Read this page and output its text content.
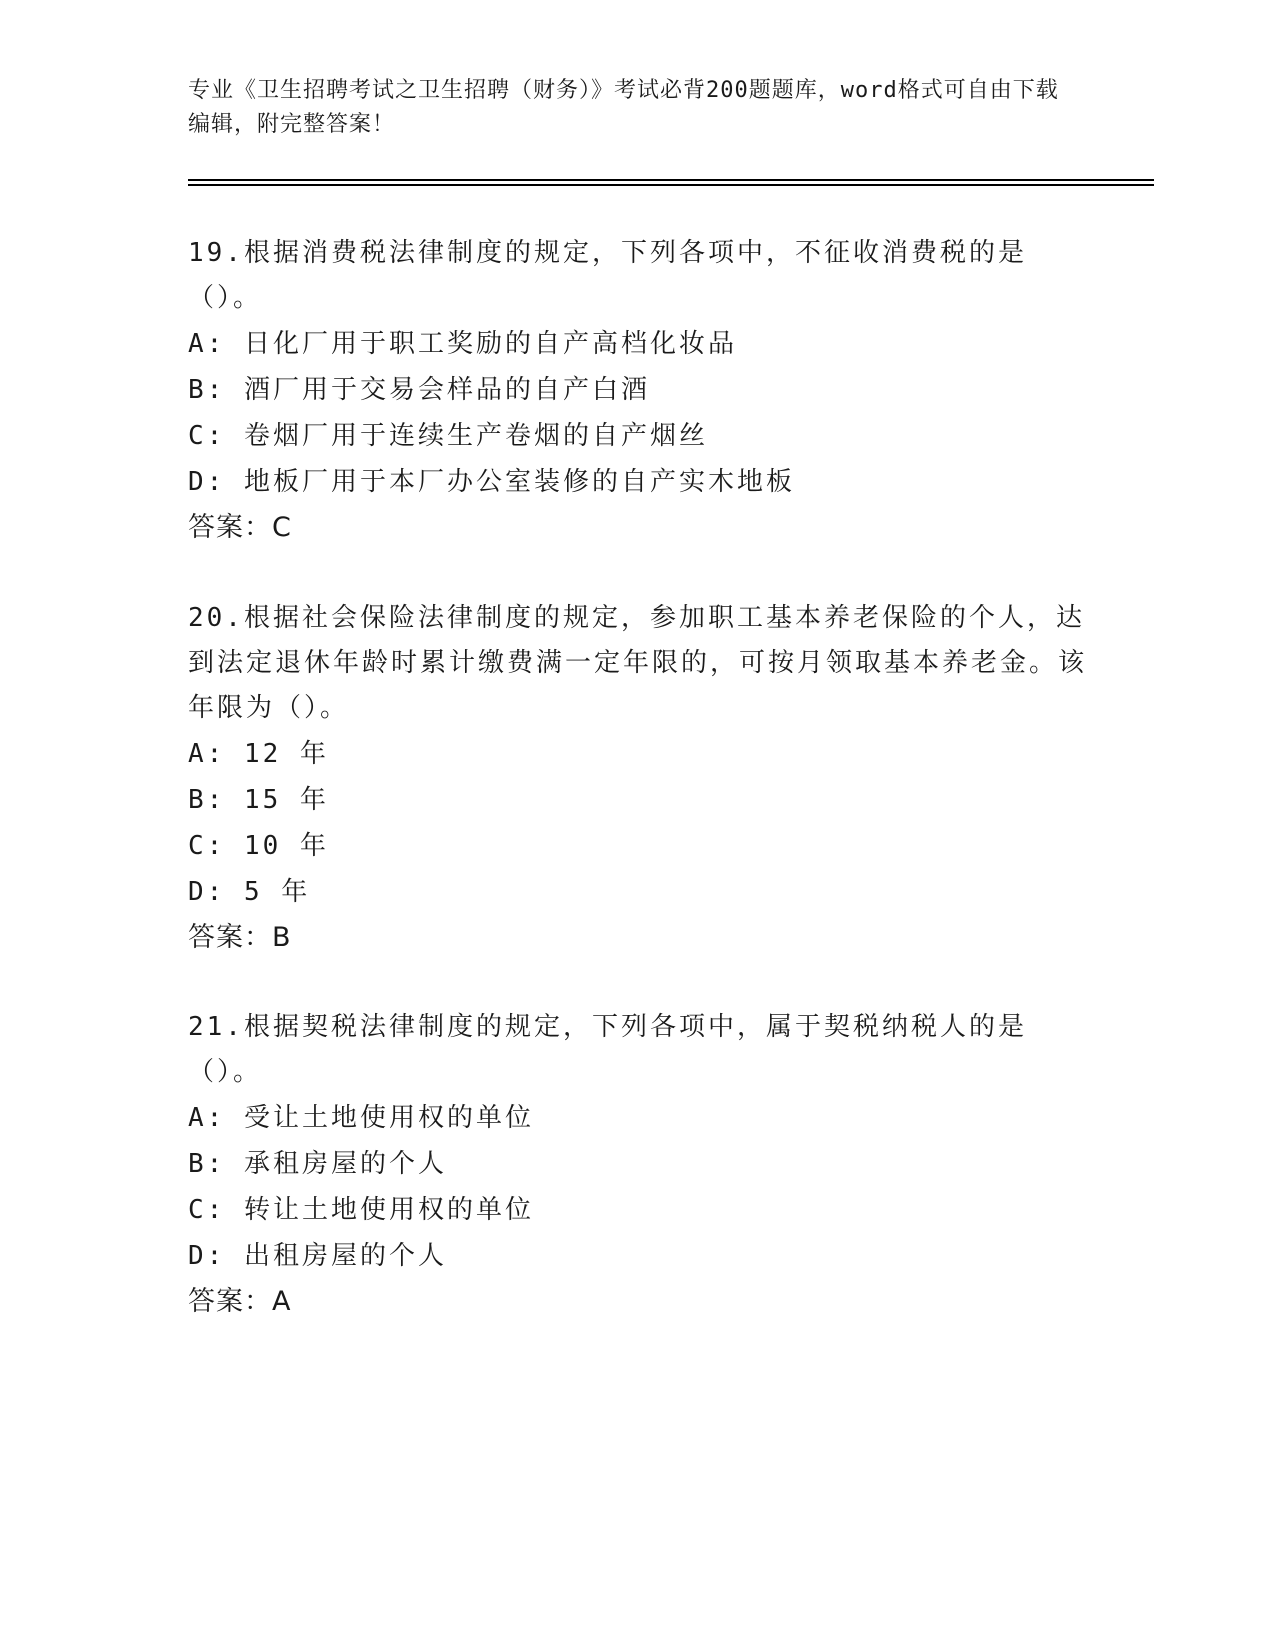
专业《卫生招聘考试之卫生招聘（财务）》考试必背200题题库，word格式可自由下载编辑，附完整答案！
19.根据消费税法律制度的规定，下列各项中，不征收消费税的是（）。
A: 日化厂用于职工奖励的自产高档化妆品
B: 酒厂用于交易会样品的自产白酒
C: 卷烟厂用于连续生产卷烟的自产烟丝
D: 地板厂用于本厂办公室装修的自产实木地板
答案：C
20.根据社会保险法律制度的规定，参加职工基本养老保险的个人，达到法定退休年龄时累计缴费满一定年限的，可按月领取基本养老金。该年限为（）。
A: 12 年
B: 15 年
C: 10 年
D: 5 年
答案：B
21.根据契税法律制度的规定，下列各项中，属于契税纳税人的是（）。
A: 受让土地使用权的单位
B: 承租房屋的个人
C: 转让土地使用权的单位
D: 出租房屋的个人
答案：A
